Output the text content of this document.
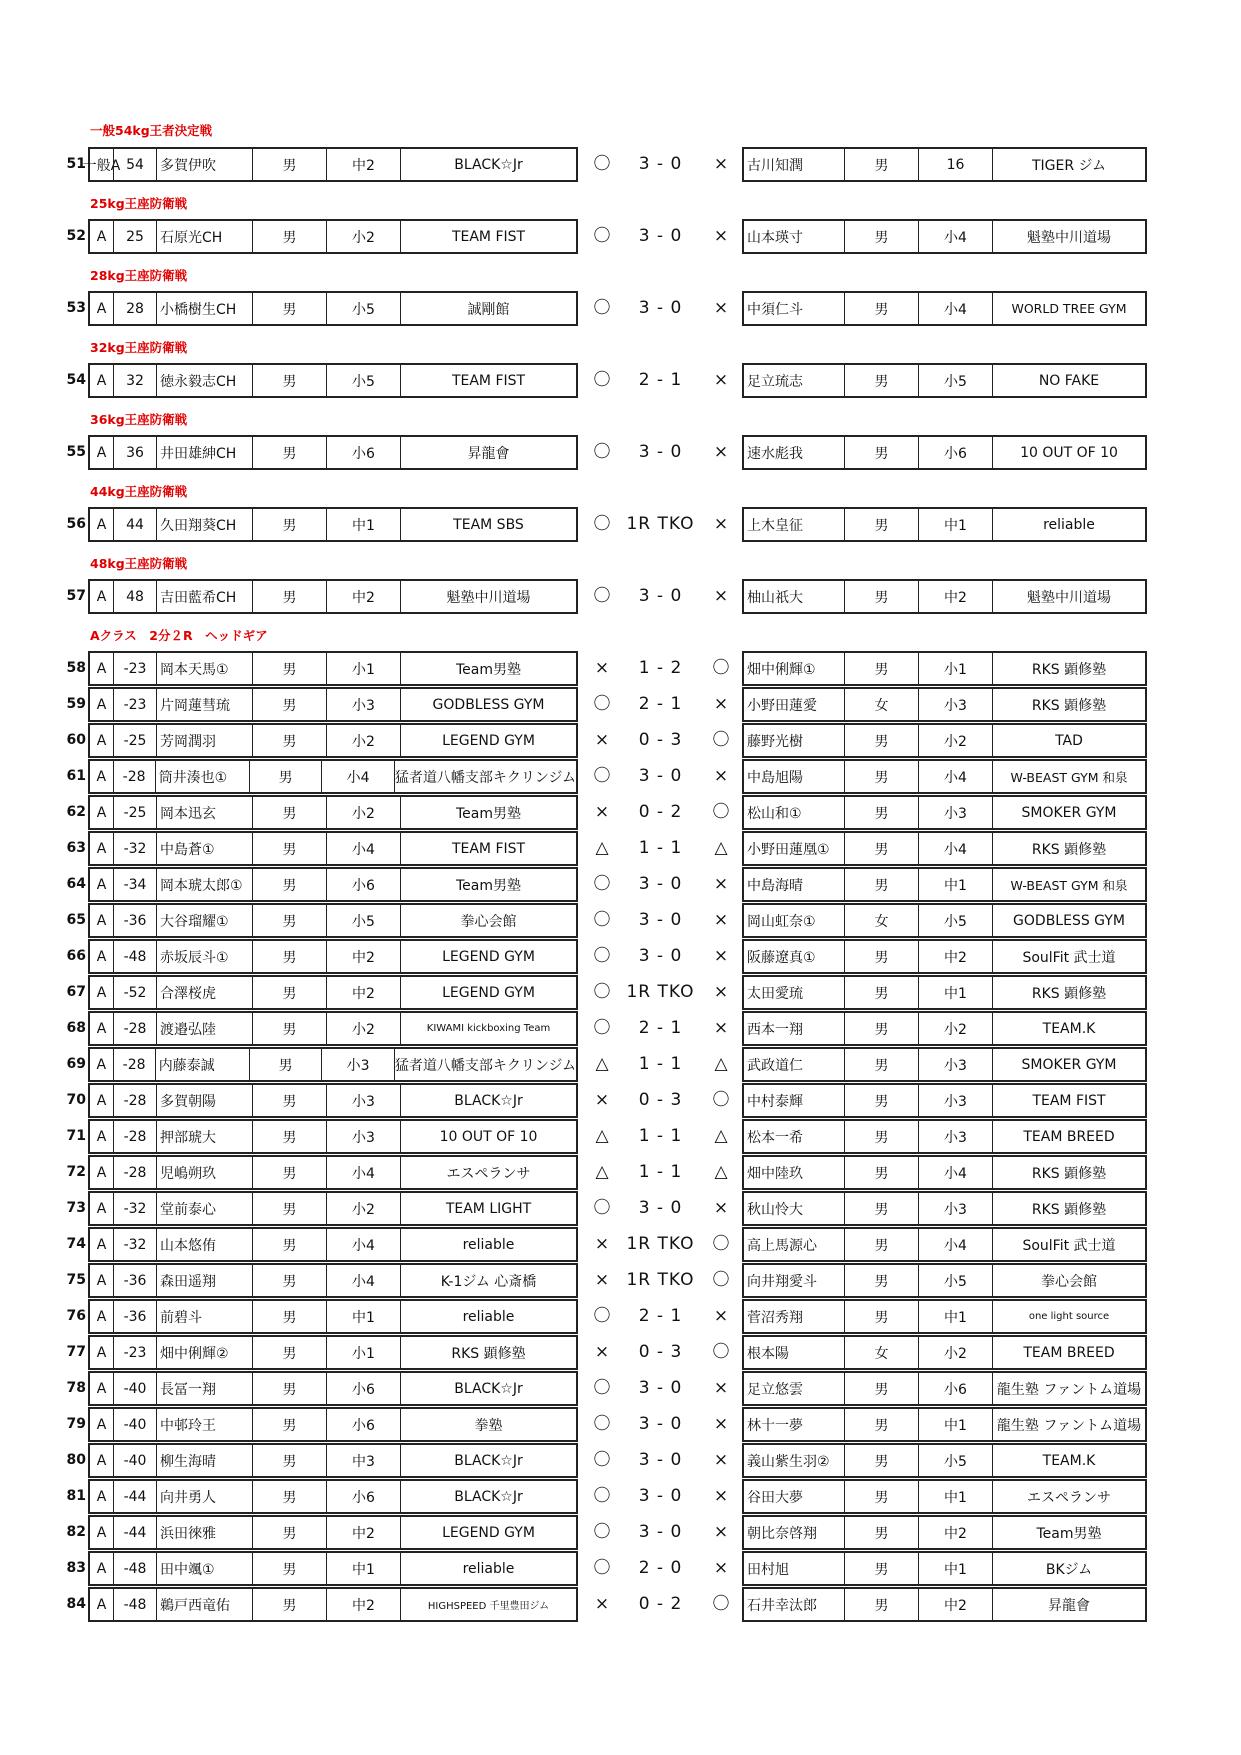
一般54kg王者決定戦
51
一般A 54	多賀伊吹	男	中2	BLACK☆Jr	〇	3 - 0	×	古川知潤	男	16	TIGER ジム
25kg王座防衛戦
52 A	25	石原光CH	男	小2	TEAM FIST	〇	3 - 0	×	山本瑛寸	男	小4	魁塾中川道場
28kg王座防衛戦
53 A	28	小橋樹生CH	男	小5	誠剛館	〇	3 - 0	×	中須仁斗	男	小4	WORLD TREE GYM
32kg王座防衛戦
54 A	32	徳永毅志CH	男	小5	TEAM FIST	〇	2 - 1	×	足立琉志	男	小5	NO FAKE
36kg王座防衛戦
55 A	36	井田雄紳CH	男	小6	昇龍會	〇	3 - 0	×	速水彪我	男	小6	10 OUT OF 10
44kg王座防衛戦
56 A	44	久田翔葵CH	男	中1	TEAM SBS	〇 1R TKO	×	上木皇征	男	中1	reliable
48kg王座防衛戦
57 A	48	吉田藍希CH	男	中2	魁塾中川道場	〇	3 - 0	×	柚山祇大	男	中2	魁塾中川道場
Aクラス　2分２R　ヘッドギア
58 A	-23 岡本天馬①	男	小1	Team男塾	×	1 - 2	〇	畑中俐輝①	男	小1	RKS 顕修塾
59 A	-23 片岡蓮彗琉	男	小3	GODBLESS GYM	〇	2 - 1	×	小野田蓮愛	女	小3	RKS 顕修塾
60 A	-25 芳岡潤羽	男	小2	LEGEND GYM	×	0 - 3	〇	藤野光樹	男	小2	TAD
61 A	-28 筒井湊也①	男	小4	猛者道八幡支部キクリンジム	〇	3 - 0	×	中島旭陽	男	小4	W-BEAST GYM 和泉
62 A	-25 岡本迅玄	男	小2	Team男塾	×	0 - 2	〇	松山和①	男	小3	SMOKER GYM
63 A	-32 中島蒼①	男	小4	TEAM FIST	△	1 - 1	△	小野田蓮凰①	男	小4	RKS 顕修塾
64 A	-34 岡本琥太郎①	男	小6	Team男塾	〇	3 - 0	×	中島海晴	男	中1	W-BEAST GYM 和泉
65 A	-36 大谷瑠耀①	男	小5	拳心会館	〇	3 - 0	×	岡山虹奈①	女	小5	GODBLESS GYM
66 A	-48 赤坂辰斗①	男	中2	LEGEND GYM	〇	3 - 0	×	阪藤遼真①	男	中2	SoulFit 武士道
67 A	-52 合澤桜虎	男	中2	LEGEND GYM	〇 1R TKO	×	太田愛琉	男	中1	RKS 顕修塾
68 A	-28 渡邉弘陸	男	小2	KIWAMI kickboxing Team	〇	2 - 1	×	西本一翔	男	小2	TEAM.K
69 A	-28 内藤泰誠	男	小3	猛者道八幡支部キクリンジム	△	1 - 1	△	武政道仁	男	小3	SMOKER GYM
70 A	-28 多賀朝陽	男	小3	BLACK☆Jr	×	0 - 3	〇	中村泰輝	男	小3	TEAM FIST
71 A	-28 押部琥大	男	小3	10 OUT OF 10	△	1 - 1	△	松本一希	男	小3	TEAM BREED
72 A	-28 児嶋朔玖	男	小4	エスペランサ	△	1 - 1	△	畑中陸玖	男	小4	RKS 顕修塾
73 A	-32 堂前泰心	男	小2	TEAM LIGHT	〇	3 - 0	×	秋山怜大	男	小3	RKS 顕修塾
74 A	-32 山本悠侑	男	小4	reliable	×	1R TKO	〇	高上馬源心	男	小4	SoulFit 武士道
75 A	-36 森田遥翔	男	小4	K-1ジム 心斎橋	×	1R TKO	〇	向井翔愛斗	男	小5	拳心会館
76 A	-36 前碧斗	男	中1	reliable	〇	2 - 1	×	菅沼秀翔	男	中1	one light source
77 A	-23 畑中俐輝②	男	小1	RKS 顕修塾	×	0 - 3	〇	根本陽	女	小2	TEAM BREED
78 A	-40 長冨一翔	男	小6	BLACK☆Jr	〇	3 - 0	×	足立悠雲	男	小6	龍生塾 ファントム道場
79 A	-40 中邨玲王	男	小6	拳塾	〇	3 - 0	×	林十一夢	男	中1	龍生塾 ファントム道場
80 A	-40 柳生海晴	男	中3	BLACK☆Jr	〇	3 - 0	×	義山紫生羽②	男	小5	TEAM.K
81 A	-44 向井勇人	男	小6	BLACK☆Jr	〇	3 - 0	×	谷田大夢	男	中1	エスペランサ
82 A	-44 浜田徠雅	男	中2	LEGEND GYM	〇	3 - 0	×	朝比奈啓翔	男	中2	Team男塾
83 A	-48 田中颯①	男	中1	reliable	〇	2 - 0	×	田村旭	男	中1	BKジム
84 A	-48 鵜戸西竜佑	男	中2	HIGHSPEED 千里豊田ジム	×	0 - 2	〇	石井幸汰郎	男	中2	昇龍會
